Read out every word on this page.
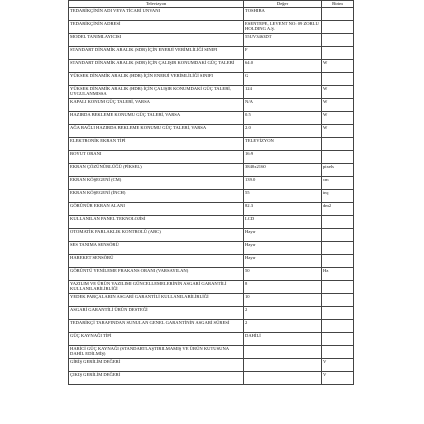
Televizyon	Değer	Birim
TEDARİKÇİNİN ADI VEYA TİCARİ UNVANI	TOSHIBA	
TEDARİKÇİNİN ADRESİ	ESENTEPE, LEVENT NO: 09 ZORLU HOLDING A.Ş.	
MODEL TANIMLAYICISI	55UV3463DT	
STANDART DİNAMİK ARALIK (SDR) İÇİN ENERJİ VERİMLİLİĞİ SINIFI	F	
STANDART DİNAMİK ARALIK (SDR) İÇİN ÇALIŞIR KONUMDAKİ GÜÇ TALEBİ	64.0	W
YÜKSEK DİNAMİK ARALIK (HDR) İÇİN ENERJİ VERİMLİLİĞİ SINIFI	G	
YÜKSEK DİNAMİK ARALIK (HDR) İÇİN ÇALIŞIR KONUMDAKİ GÜÇ TALEBİ, UYGULANMISSA	124	W
KAPALI KONUM GÜÇ TALEBİ, VARSA	N/A	W
HAZIRDA BEKLEME KONUMU GÜÇ TALEBİ, VARSA	0.5	W
AĞA BAĞLI HAZIRDA BEKLEME KONUMU GÜÇ TALEBİ, VARSA	2.0	W
ELEKTRONİK EKRAN TİPİ	TELEVİZYON	
BOYUT ORANI	16:9	
EKRAN ÇÖZÜNÜRLÜĞÜ (PİKSEL)	3840x2160	pixels
EKRAN KÖŞEGENİ (CM)	139.0	cm
EKRAN KÖŞEGENİ (İNCH)	55	inç
GÖRÜNÜR EKRAN ALANI	82.3	dm2
KULLANILAN PANEL TEKNOLOJİSİ	LCD	
OTOMATİK PARLAKLIK KONTROLÜ (ABC)	Hayır	
SES TANIMA SENSÖRÜ	Hayır	
HAREKET SENSÖRÜ	Hayır	
GÖRÜNTÜ YENİLEME FRAKANS ORANI (VARSAYILAN)	50	Hz
YAZILIM VE ÜRÜN YAZILIMI GÜNCELLEMELERİNİN ASGARİ GARANTİLİ KULLANILABİLİRLİĞİ	8	
YEDEK PARÇALARIN ASGARİ GARANTİLİ KULLANILABİLİRLİĞİ	10	
ASGARİ GARANTİLİ ÜRÜN DESTEĞİ	2	
TEDARİKÇİ TARAFINDAN SUNULAN GENEL GARANTİNİN ASGARİ SÜRESİ	2	
GÜÇ KAYNAĞI TİPİ	DAHİLİ	
HARİCİ GÜÇ KAYNAĞI (STANDARTLAŞTIRILMAMIŞ VE ÜRÜN KUTUSUNA DAHİL EDİLMİŞ)		
GİRİŞ GERİLİM DEĞERİ		V
ÇIKIŞ GERİLİM DEĞERİ		V
